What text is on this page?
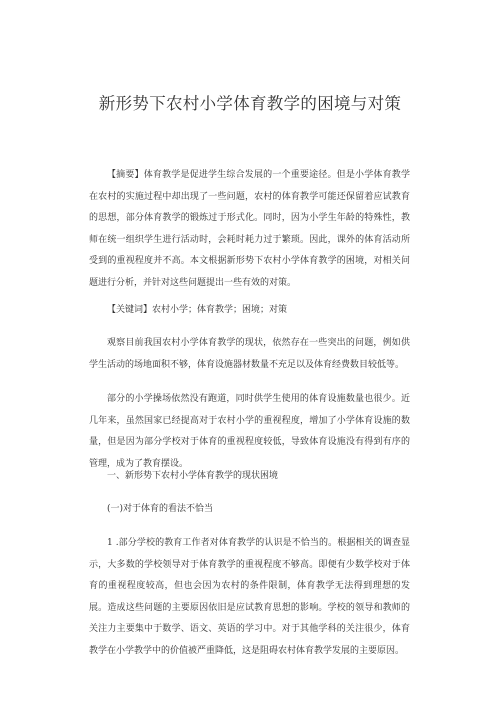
新形势下农村小学体育教学的困境与对策

【摘要】体育教学是促进学生综合发展的一个重要途径。但是小学体育教学在农村的实施过程中却出现了一些问题，农村的体育教学可能还保留着应试教育的思想，部分体育教学的锻炼过于形式化。同时，因为小学生年龄的特殊性，教师在统一组织学生进行活动时，会耗时耗力过于繁琐。因此，课外的体育活动所受到的重视程度并不高。本文根据新形势下农村小学体育教学的困境，对相关问题进行分析，并针对这些问题提出一些有效的对策。

【关键词】农村小学；体育教学；困境；对策

观察目前我国农村小学体育教学的现状，依然存在一些突出的问题，例如供学生活动的场地面积不够，体育设施器材数量不充足以及体育经费数目较低等。

部分的小学操场依然没有跑道，同时供学生使用的体育设施数量也很少。近几年来，虽然国家已经提高对于农村小学的重视程度，增加了小学体育设施的数量，但是因为部分学校对于体育的重视程度较低，导致体育设施没有得到有序的管理，成为了教育摆设。

一、新形势下农村小学体育教学的现状困境

(一)对于体育的看法不恰当

1 .部分学校的教育工作者对体育教学的认识是不恰当的。根据相关的调查显示，大多数的学校领导对于体育教学的重视程度不够高。即便有少数学校对于体育的重视程度较高，但也会因为农村的条件限制，体育教学无法得到理想的发展。造成这些问题的主要原因依旧是应试教育思想的影响。学校的领导和教师的关注力主要集中于数学、语文、英语的学习中。对于其他学科的关注很少，体育教学在小学教学中的价值被严重降低，这是阻碍农村体育教学发展的主要原因。
